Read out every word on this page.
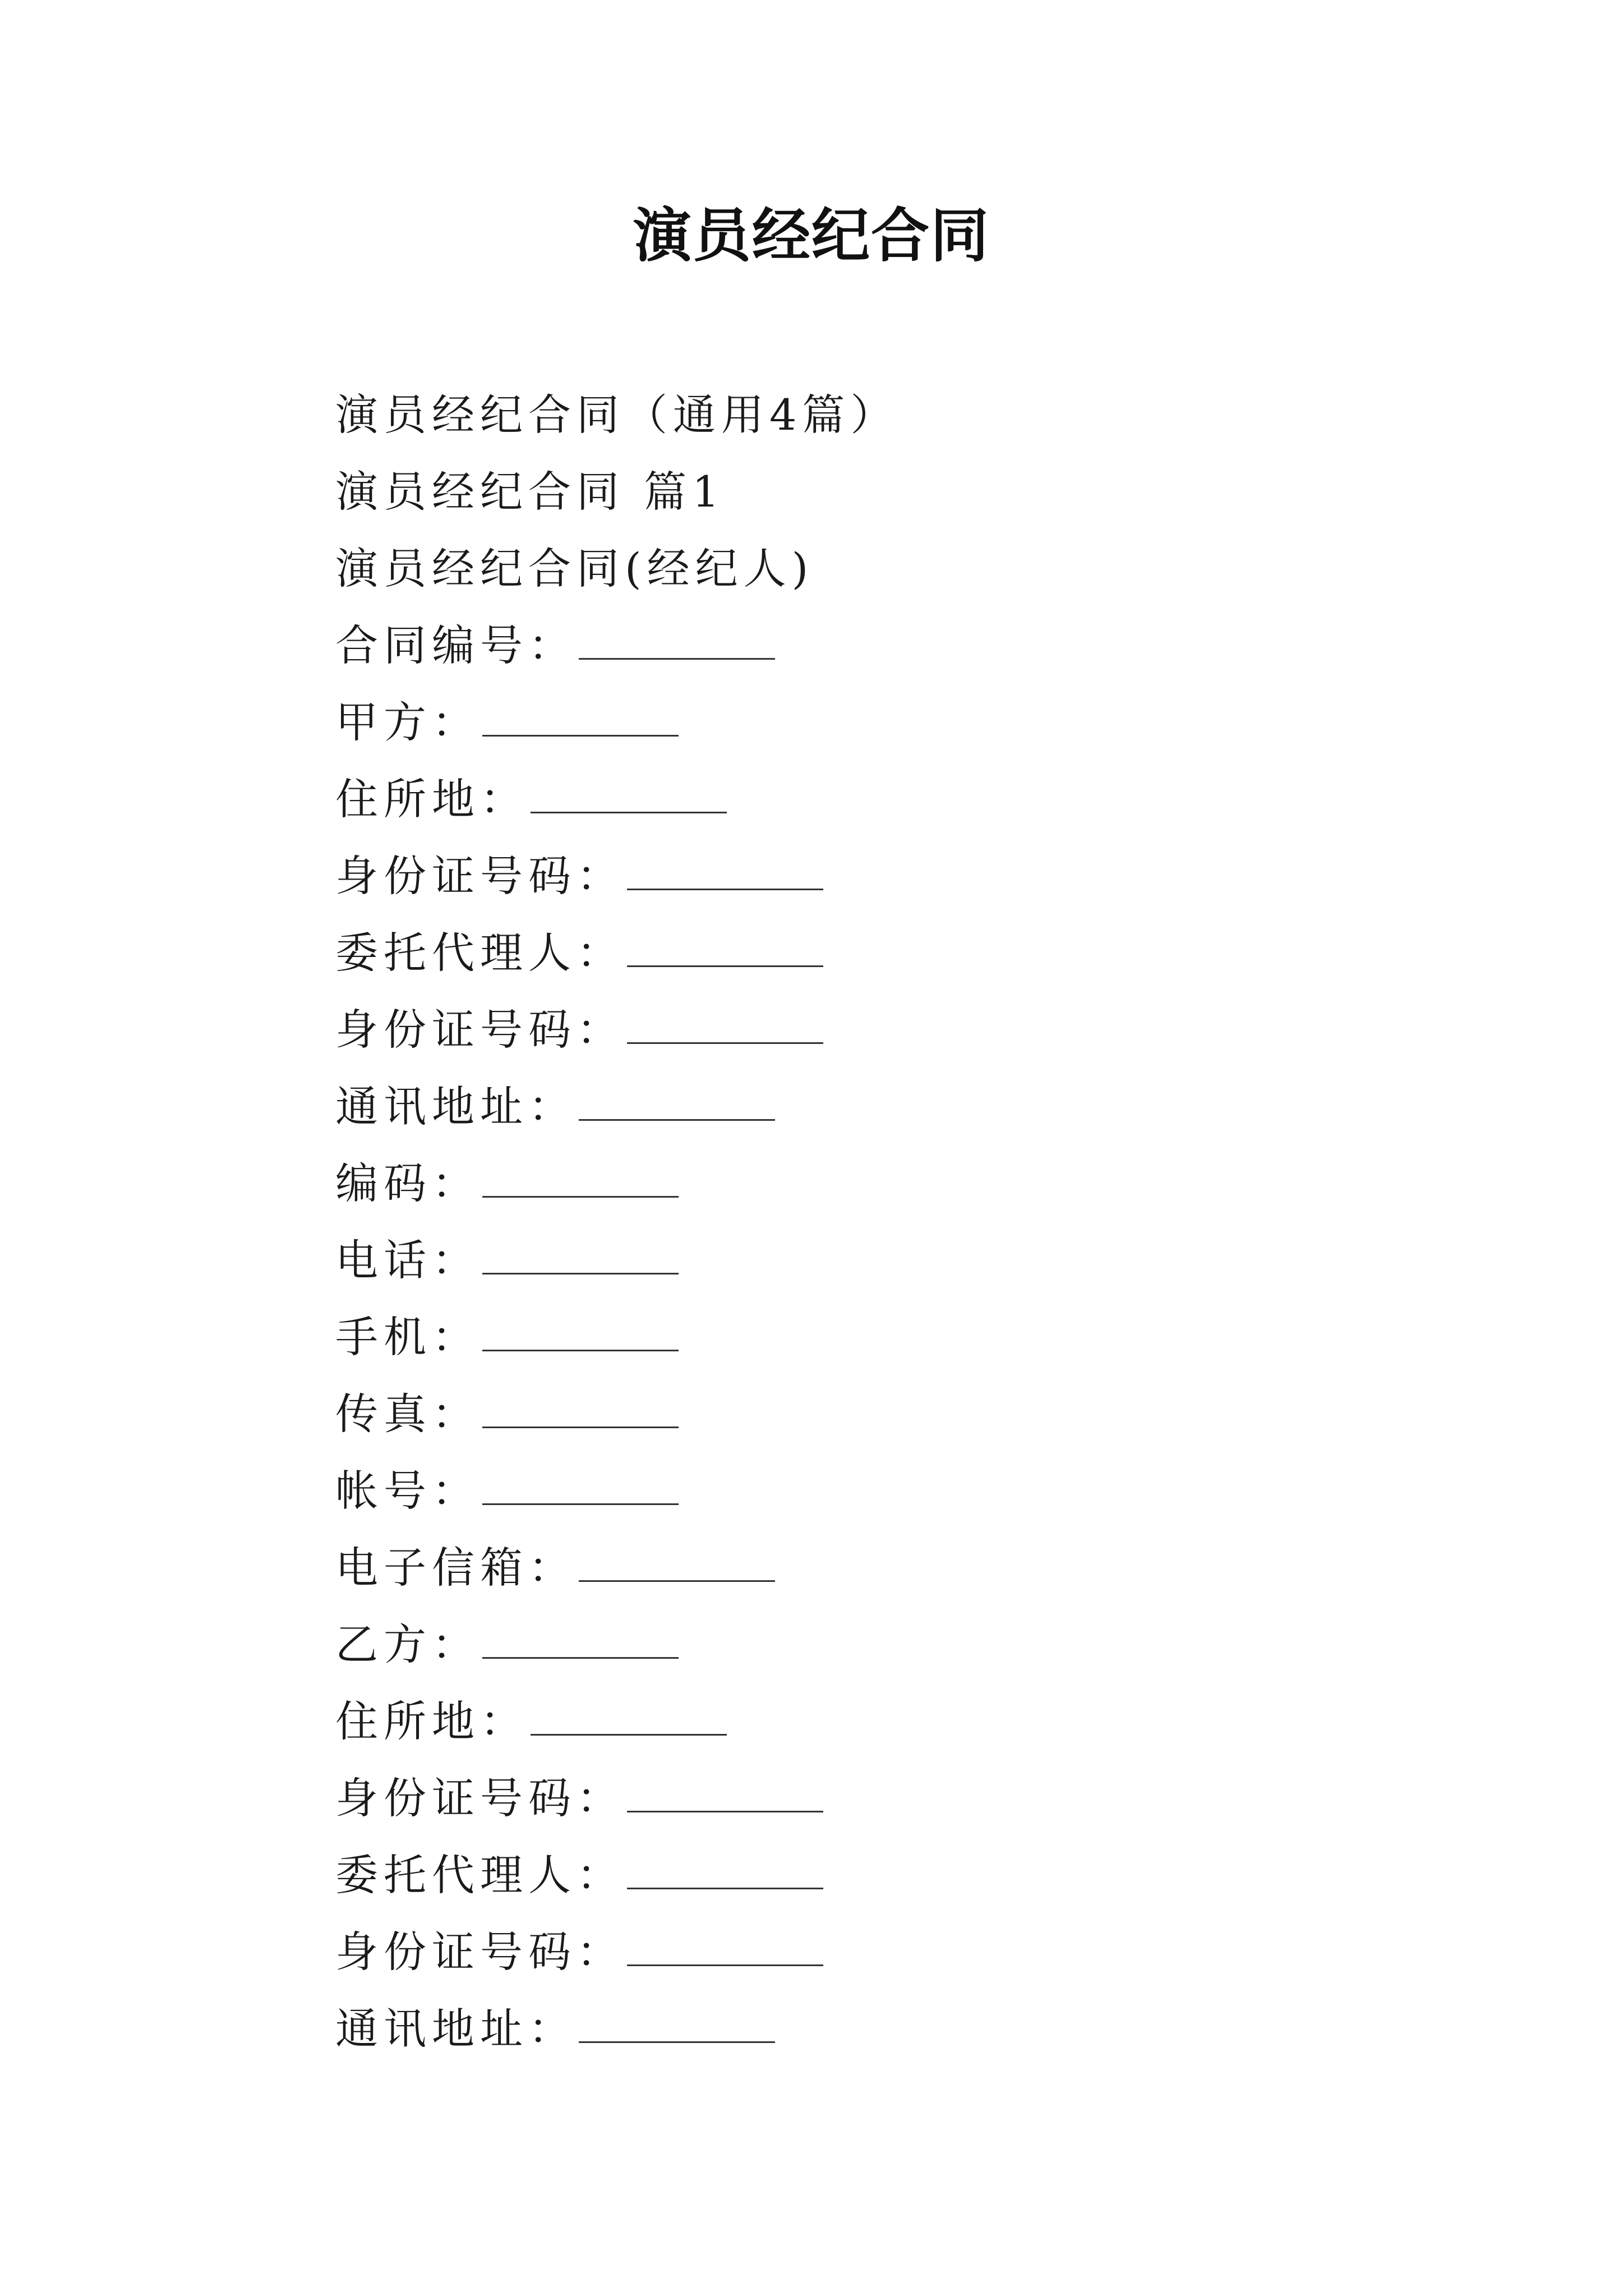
演员经纪合同
演员经纪合同（通用4篇）
演员经纪合同 篇1
演员经纪合同(经纪人)
合同编号：
甲方：
住所地：
身份证号码：
委托代理人：
身份证号码：
通讯地址：
编码：
电话：
手机：
传真：
帐号：
电子信箱：
乙方：
住所地：
身份证号码：
委托代理人：
身份证号码：
通讯地址：
